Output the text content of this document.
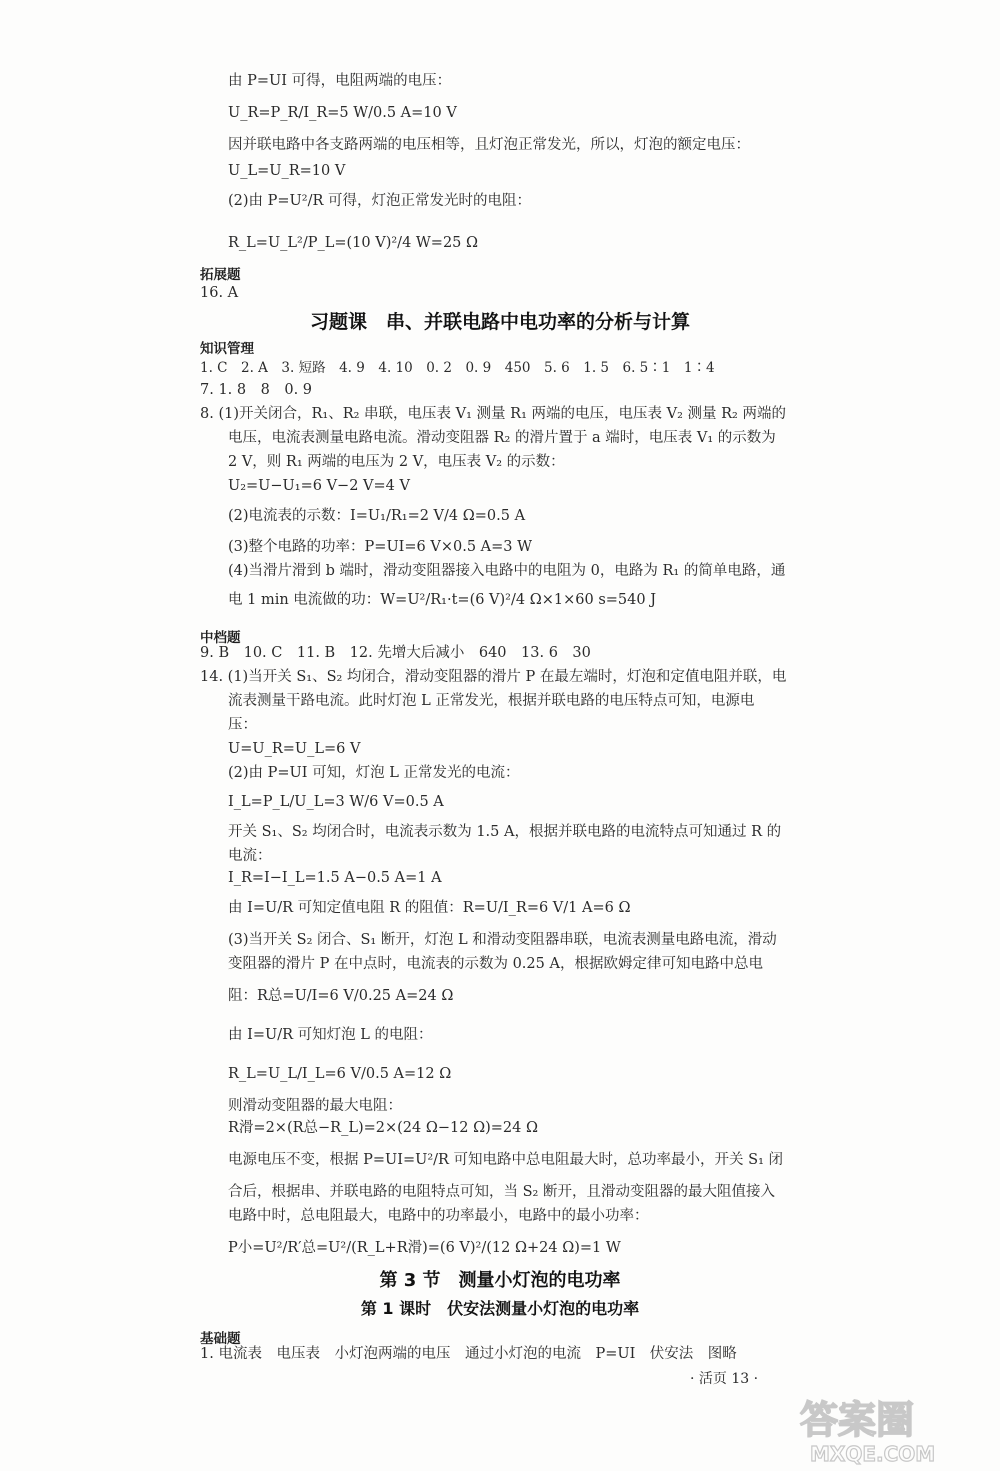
由 P=UI 可得，电阻两端的电压：
U_R=P_R/I_R=5 W/0.5 A=10 V
因并联电路中各支路两端的电压相等，且灯泡正常发光，所以，灯泡的额定电压：
U_L=U_R=10 V
(2)由 P=U²/R 可得，灯泡正常发光时的电阻：
R_L=U_L²/P_L=(10 V)²/4 W=25 Ω
拓展题
16. A
习题课　串、并联电路中电功率的分析与计算
知识管理
1. C　2. A　3. 短路　4. 9　4. 10　0. 2　0. 9　450　5. 6　1. 5　6. 5∶1　1∶4
7. 1. 8　8　0. 9
8. (1)开关闭合，R₁、R₂ 串联，电压表 V₁ 测量 R₁ 两端的电压，电压表 V₂ 测量 R₂ 两端的
电压，电流表测量电路电流。滑动变阻器 R₂ 的滑片置于 a 端时，电压表 V₁ 的示数为
2 V，则 R₁ 两端的电压为 2 V，电压表 V₂ 的示数：
U₂=U−U₁=6 V−2 V=4 V
(2)电流表的示数：I=U₁/R₁=2 V/4 Ω=0.5 A
(3)整个电路的功率：P=UI=6 V×0.5 A=3 W
(4)当滑片滑到 b 端时，滑动变阻器接入电路中的电阻为 0，电路为 R₁ 的简单电路，通
电 1 min 电流做的功：W=U²/R₁·t=(6 V)²/4 Ω×1×60 s=540 J
中档题
9. B　10. C　11. B　12. 先增大后减小　640　13. 6　30
14. (1)当开关 S₁、S₂ 均闭合，滑动变阻器的滑片 P 在最左端时，灯泡和定值电阻并联，电
流表测量干路电流。此时灯泡 L 正常发光，根据并联电路的电压特点可知，电源电
压：
U=U_R=U_L=6 V
(2)由 P=UI 可知，灯泡 L 正常发光的电流：
I_L=P_L/U_L=3 W/6 V=0.5 A
开关 S₁、S₂ 均闭合时，电流表示数为 1.5 A，根据并联电路的电流特点可知通过 R 的
电流：
I_R=I−I_L=1.5 A−0.5 A=1 A
由 I=U/R 可知定值电阻 R 的阻值：R=U/I_R=6 V/1 A=6 Ω
(3)当开关 S₂ 闭合、S₁ 断开，灯泡 L 和滑动变阻器串联，电流表测量电路电流，滑动
变阻器的滑片 P 在中点时，电流表的示数为 0.25 A，根据欧姆定律可知电路中总电
阻：R总=U/I=6 V/0.25 A=24 Ω
由 I=U/R 可知灯泡 L 的电阻：
R_L=U_L/I_L=6 V/0.5 A=12 Ω
则滑动变阻器的最大电阻：
R滑=2×(R总−R_L)=2×(24 Ω−12 Ω)=24 Ω
电源电压不变，根据 P=UI=U²/R 可知电路中总电阻最大时，总功率最小，开关 S₁ 闭
合后，根据串、并联电路的电阻特点可知，当 S₂ 断开，且滑动变阻器的最大阻值接入
电路中时，总电阻最大，电路中的功率最小，电路中的最小功率：
P小=U²/R′总=U²/(R_L+R滑)=(6 V)²/(12 Ω+24 Ω)=1 W
第 3 节　测量小灯泡的电功率
第 1 课时　伏安法测量小灯泡的电功率
基础题
1. 电流表　电压表　小灯泡两端的电压　通过小灯泡的电流　P=UI　伏安法　图略
· 活页 13 ·
答案圈
MXQE.COM
